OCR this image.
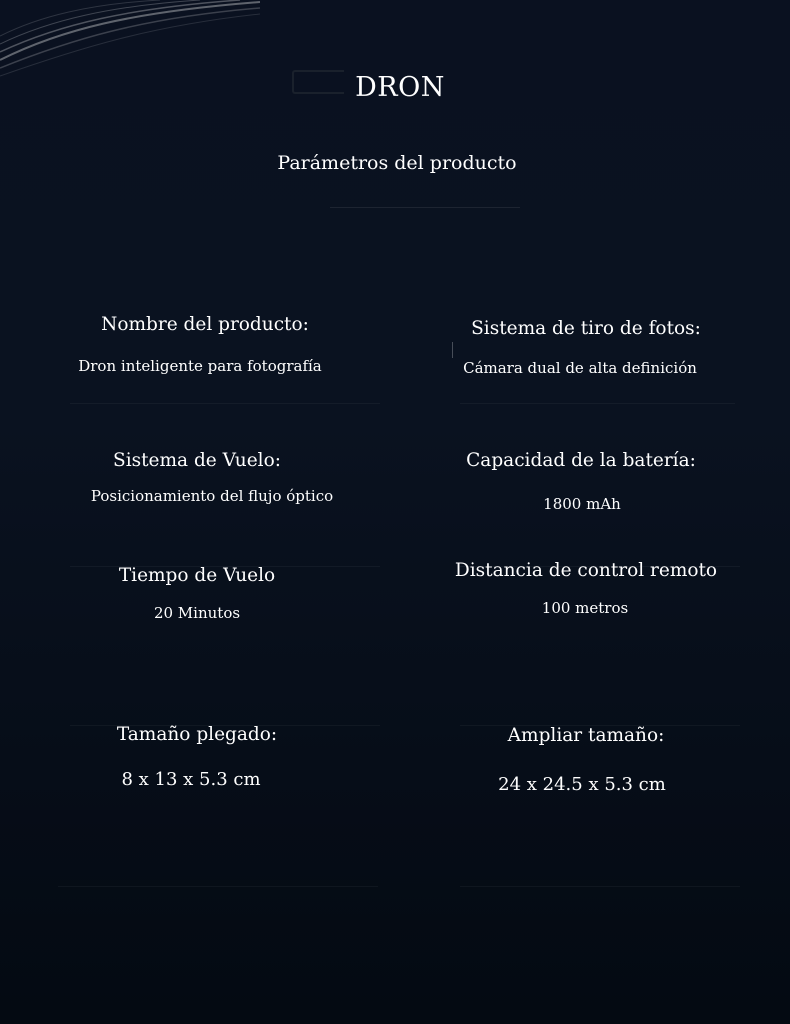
DRON
Parámetros del producto
Nombre del producto:
Dron inteligente para fotografía
Sistema de tiro de fotos:
Cámara dual de alta definición
Sistema de Vuelo:
Posicionamiento del flujo óptico
Capacidad de la batería:
1800 mAh
Tiempo de Vuelo
20 Minutos
Distancia de control remoto
100 metros
Tamaño plegado:
8 x 13 x 5.3 cm
Ampliar tamaño:
24 x 24.5 x 5.3 cm
